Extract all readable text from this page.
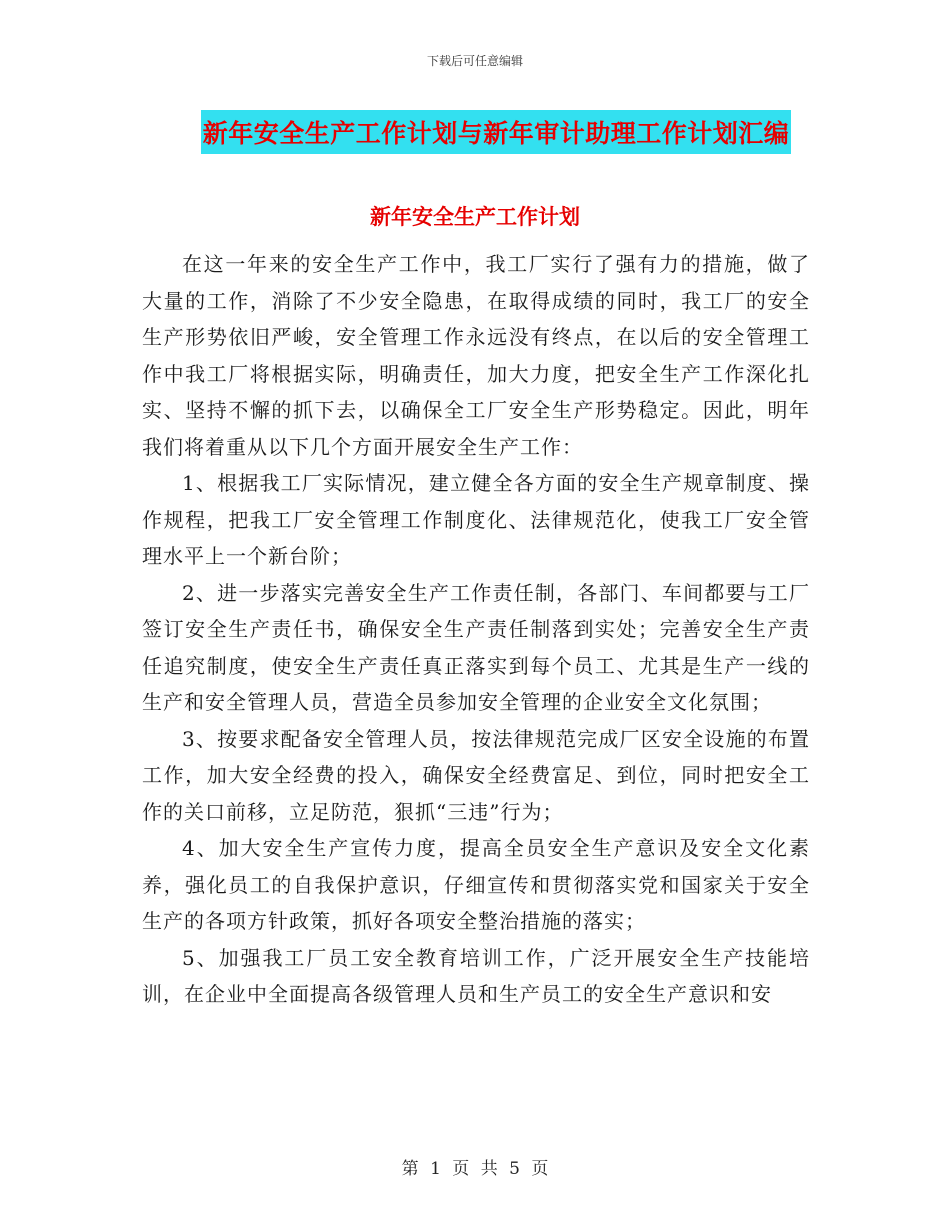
下载后可任意编辑
新年安全生产工作计划与新年审计助理工作计划汇编
新年安全生产工作计划

在这一年来的安全生产工作中，我工厂实行了强有力的措施，做了大量的工作，消除了不少安全隐患，在取得成绩的同时，我工厂的安全生产形势依旧严峻，安全管理工作永远没有终点，在以后的安全管理工作中我工厂将根据实际，明确责任，加大力度，把安全生产工作深化扎实、坚持不懈的抓下去，以确保全工厂安全生产形势稳定。因此，明年我们将着重从以下几个方面开展安全生产工作：

1、根据我工厂实际情况，建立健全各方面的安全生产规章制度、操作规程，把我工厂安全管理工作制度化、法律规范化，使我工厂安全管理水平上一个新台阶；

2、进一步落实完善安全生产工作责任制，各部门、车间都要与工厂签订安全生产责任书，确保安全生产责任制落到实处；完善安全生产责任追究制度，使安全生产责任真正落实到每个员工、尤其是生产一线的生产和安全管理人员，营造全员参加安全管理的企业安全文化氛围；

3、按要求配备安全管理人员，按法律规范完成厂区安全设施的布置工作，加大安全经费的投入，确保安全经费富足、到位，同时把安全工作的关口前移，立足防范，狠抓“三违”行为；

4、加大安全生产宣传力度，提高全员安全生产意识及安全文化素养，强化员工的自我保护意识，仔细宣传和贯彻落实党和国家关于安全生产的各项方针政策，抓好各项安全整治措施的落实；

5、加强我工厂员工安全教育培训工作，广泛开展安全生产技能培训，在企业中全面提高各级管理人员和生产员工的安全生产意识和安

第 1 页 共 5 页
